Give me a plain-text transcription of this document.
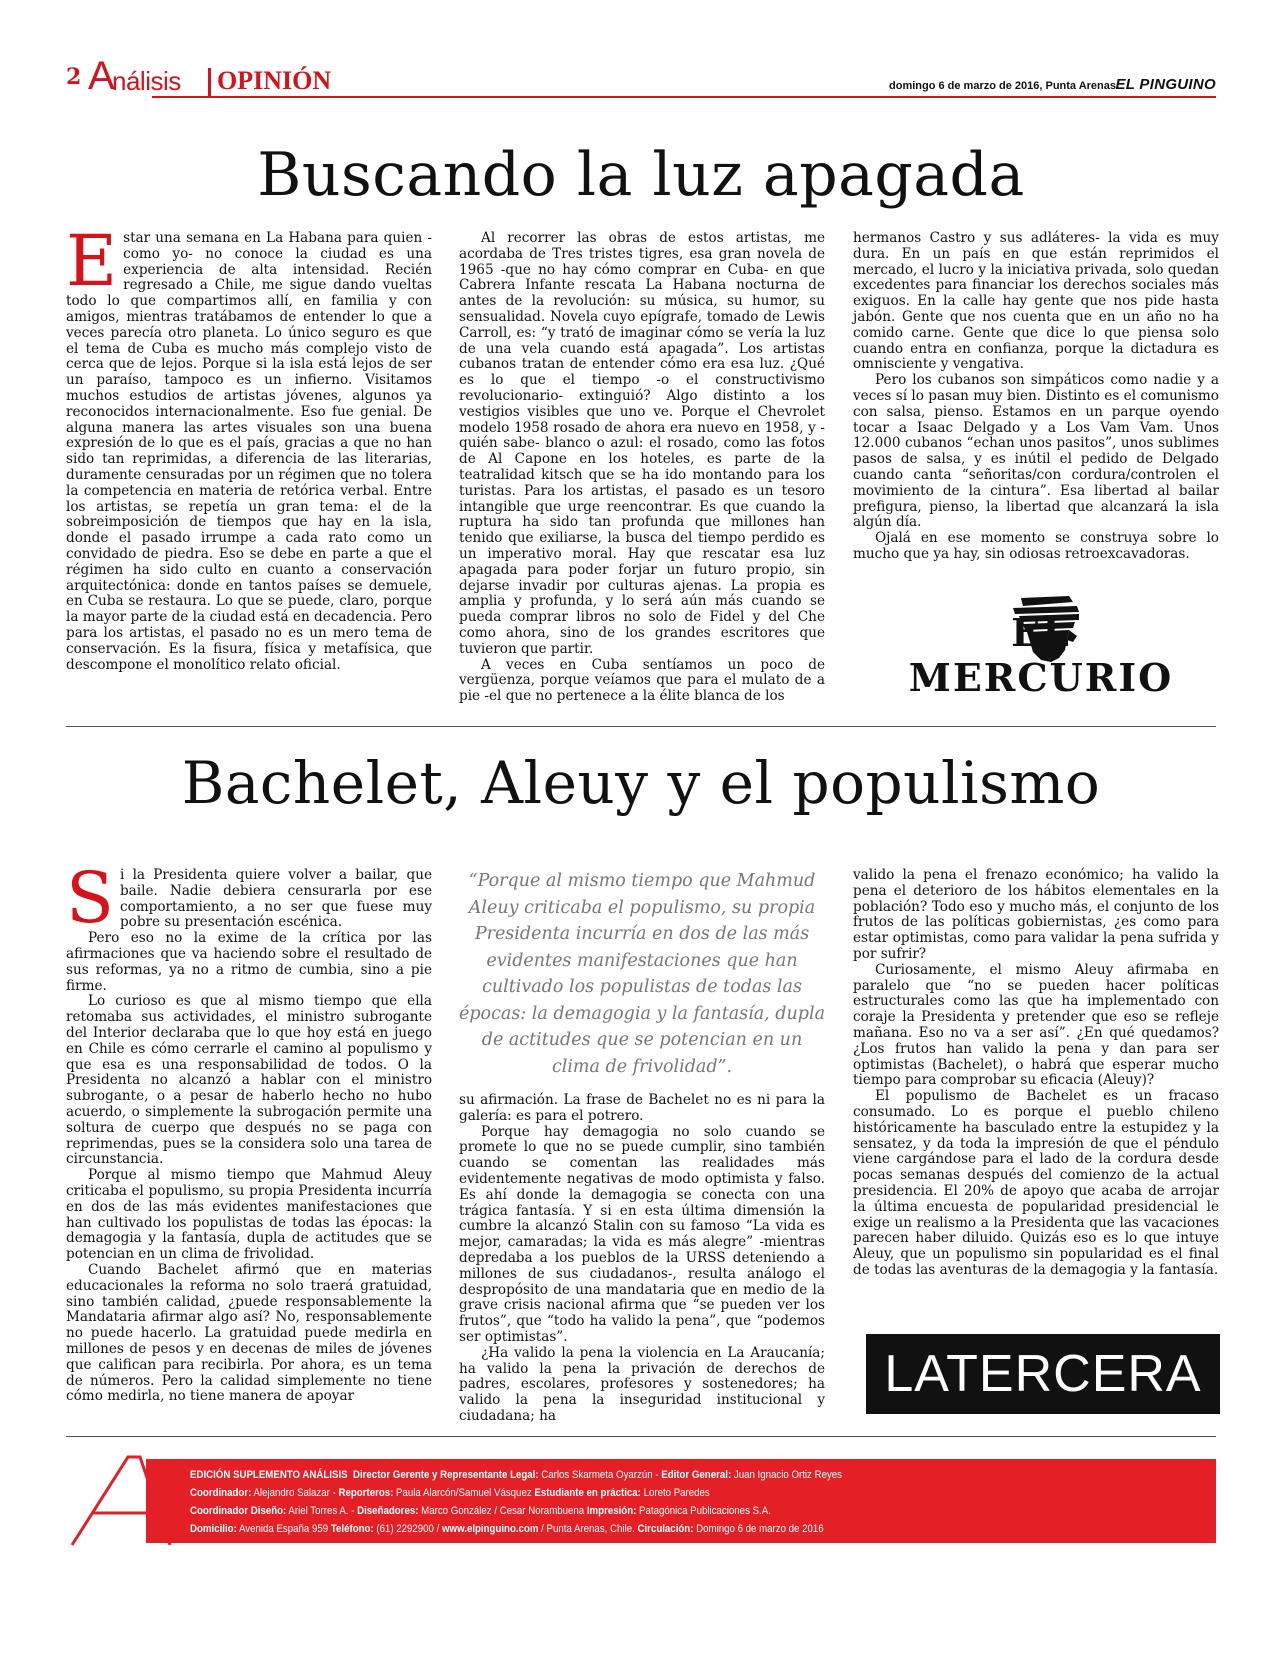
2 A
nálisis OPINIÓN	domingo 6 de marzo de 2016, Punta Arenas EL PINGUINO
Buscando la luz apagada
E star una semana en La Habana para quien -como yo- no conoce la ciudad es una experiencia de alta intensidad. Recién regresado a Chile, me sigue dando vueltas todo lo que compartimos allí, en familia y con amigos, mientras tratábamos de entender lo que a veces parecía otro planeta. Lo único seguro es que el tema de Cuba es mucho más complejo visto de cerca que de lejos. Porque si la isla está lejos de ser un paraíso, tampoco es un infierno. Visitamos muchos estudios de artistas jóvenes, algunos ya reconocidos internacionalmente. Eso fue genial. De alguna manera las artes visuales son una buena expresión de lo que es el país, gracias a que no han sido tan reprimidas, a diferencia de las literarias, duramente censuradas por un régimen que no tolera la competencia en materia de retórica verbal. Entre los artistas, se repetía un gran tema: el de la sobreimposición de tiempos que hay en la isla, donde el pasado irrumpe a cada rato como un convidado de piedra. Eso se debe en parte a que el régimen ha sido culto en cuanto a conservación arquitectónica: donde en tantos países se demuele, en Cuba se restaura. Lo que se puede, claro, porque la mayor parte de la ciudad está en decadencia. Pero para los artistas, el pasado no es un mero tema de conservación. Es la fisura, física y metafísica, que descompone el monolítico relato oficial.

Al recorrer las obras de estos artistas, me acordaba de Tres tristes tigres, esa gran novela de 1965 -que no hay cómo comprar en Cuba- en que Cabrera Infante rescata La Habana nocturna de antes de la revolución: su música, su humor, su sensualidad. Novela cuyo epígrafe, tomado de Lewis Carroll, es: “y trató de imaginar cómo se vería la luz de una vela cuando está apagada”. Los artistas cubanos tratan de entender cómo era esa luz. ¿Qué es lo que el tiempo -o el constructivismo revolucionario- extinguió? Algo distinto a los vestigios visibles que uno ve. Porque el Chevrolet modelo 1958 rosado de ahora era nuevo en 1958, y -quién sabe- blanco o azul: el rosado, como las fotos de Al Capone en los hoteles, es parte de la teatralidad kitsch que se ha ido montando para los turistas. Para los artistas, el pasado es un tesoro intangible que urge reencontrar. Es que cuando la ruptura ha sido tan profunda que millones han tenido que exiliarse, la busca del tiempo perdido es un imperativo moral. Hay que rescatar esa luz apagada para poder forjar un futuro propio, sin dejarse invadir por culturas ajenas. La propia es amplia y profunda, y lo será aún más cuando se pueda comprar libros no solo de Fidel y del Che como ahora, sino de los grandes escritores que tuvieron que partir.

A veces en Cuba sentíamos un poco de vergüenza, porque veíamos que para el mulato de a pie -el que no pertenece a la élite blanca de los

hermanos Castro y sus adláteres- la vida es muy dura. En un país en que están reprimidos el mercado, el lucro y la iniciativa privada, solo quedan excedentes para financiar los derechos sociales más exiguos. En la calle hay gente que nos pide hasta jabón. Gente que nos cuenta que en un año no ha comido carne. Gente que dice lo que piensa solo cuando entra en confianza, porque la dictadura es omnisciente y vengativa.

Pero los cubanos son simpáticos como nadie y a veces sí lo pasan muy bien. Distinto es el comunismo con salsa, pienso. Estamos en un parque oyendo tocar a Isaac Delgado y a Los Vam Vam. Unos 12.000 cubanos “echan unos pasitos”, unos sublimes pasos de salsa, y es inútil el pedido de Delgado cuando canta “señoritas/con cordura/controlen el movimiento de la cintura”. Esa libertad al bailar prefigura, pienso, la libertad que alcanzará la isla algún día.

Ojalá en ese momento se construya sobre lo mucho que ya hay, sin odiosas retroexcavadoras.

EL MERCURIO
Bachelet, Aleuy y el populismo
S i la Presidenta quiere volver a bailar, que baile. Nadie debiera censurarla por ese comportamiento, a no ser que fuese muy pobre su presentación escénica.

Pero eso no la exime de la crítica por las afirmaciones que va haciendo sobre el resultado de sus reformas, ya no a ritmo de cumbia, sino a pie firme.

Lo curioso es que al mismo tiempo que ella retomaba sus actividades, el ministro subrogante del Interior declaraba que lo que hoy está en juego en Chile es cómo cerrarle el camino al populismo y que esa es una responsabilidad de todos. O la Presidenta no alcanzó a hablar con el ministro subrogante, o a pesar de haberlo hecho no hubo acuerdo, o simplemente la subrogación permite una soltura de cuerpo que después no se paga con reprimendas, pues se la considera solo una tarea de circunstancia.

Porque al mismo tiempo que Mahmud Aleuy criticaba el populismo, su propia Presidenta incurría en dos de las más evidentes manifestaciones que han cultivado los populistas de todas las épocas: la demagogia y la fantasía, dupla de actitudes que se potencian en un clima de frivolidad.

Cuando Bachelet afirmó que en materias educacionales la reforma no solo traerá gratuidad, sino también calidad, ¿puede responsablemente la Mandataria afirmar algo así? No, responsablemente no puede hacerlo. La gratuidad puede medirla en millones de pesos y en decenas de miles de jóvenes que califican para recibirla. Por ahora, es un tema de números. Pero la calidad simplemente no tiene cómo medirla, no tiene manera de apoyar

“Porque al mismo tiempo que Mahmud Aleuy criticaba el populismo, su propia Presidenta incurría en dos de las más evidentes manifestaciones que han cultivado los populistas de todas las épocas: la demagogia y la fantasía, dupla de actitudes que se potencian en un clima de frivolidad”.

su afirmación. La frase de Bachelet no es ni para la galería: es para el potrero.

Porque hay demagogia no solo cuando se promete lo que no se puede cumplir, sino también cuando se comentan las realidades más evidentemente negativas de modo optimista y falso. Es ahí donde la demagogia se conecta con una trágica fantasía. Y si en esta última dimensión la cumbre la alcanzó Stalin con su famoso “La vida es mejor, camaradas; la vida es más alegre” -mientras depredaba a los pueblos de la URSS deteniendo a millones de sus ciudadanos-, resulta análogo el despropósito de una mandataria que en medio de la grave crisis nacional afirma que “se pueden ver los frutos”, que “todo ha valido la pena”, que “podemos ser optimistas”.

¿Ha valido la pena la violencia en La Araucanía; ha valido la pena la privación de derechos de padres, escolares, profesores y sostenedores; ha valido la pena la inseguridad institucional y ciudadana; ha

valido la pena el frenazo económico; ha valido la pena el deterioro de los hábitos elementales en la población? Todo eso y mucho más, el conjunto de los frutos de las políticas gobiernistas, ¿es como para estar optimistas, como para validar la pena sufrida y por sufrir?

Curiosamente, el mismo Aleuy afirmaba en paralelo que “no se pueden hacer políticas estructurales como las que ha implementado con coraje la Presidenta y pretender que eso se refleje mañana. Eso no va a ser así”. ¿En qué quedamos? ¿Los frutos han valido la pena y dan para ser optimistas (Bachelet), o habrá que esperar mucho tiempo para comprobar su eficacia (Aleuy)?

El populismo de Bachelet es un fracaso consumado. Lo es porque el pueblo chileno históricamente ha basculado entre la estupidez y la sensatez, y da toda la impresión de que el péndulo viene cargándose para el lado de la cordura desde pocas semanas después del comienzo de la actual presidencia. El 20% de apoyo que acaba de arrojar la última encuesta de popularidad presidencial le exige un realismo a la Presidenta que las vacaciones parecen haber diluido. Quizás eso es lo que intuye Aleuy, que un populismo sin popularidad es el final de todas las aventuras de la demagogia y la fantasía.

LATERCERA
EDICIÓN SUPLEMENTO ANÁLISIS Director Gerente y Representante Legal: Carlos Skarmeta Oyarzún - Editor General: Juan Ignacio Ortiz Reyes
Coordinador: Alejandro Salazar - Reporteros: Paula Alarcón/Samuel Vásquez Estudiante en práctica: Loreto Paredes
Coordinador Diseño: Ariel Torres A. - Diseñadores: Marco González / Cesar Norambuena Impresión: Patagónica Publicaciones S.A.
Domicilio: Avenida España 959 Teléfono: (61) 2292900 / www.elpinguino.com / Punta Arenas, Chile. Circulación: Domingo 6 de marzo de 2016
